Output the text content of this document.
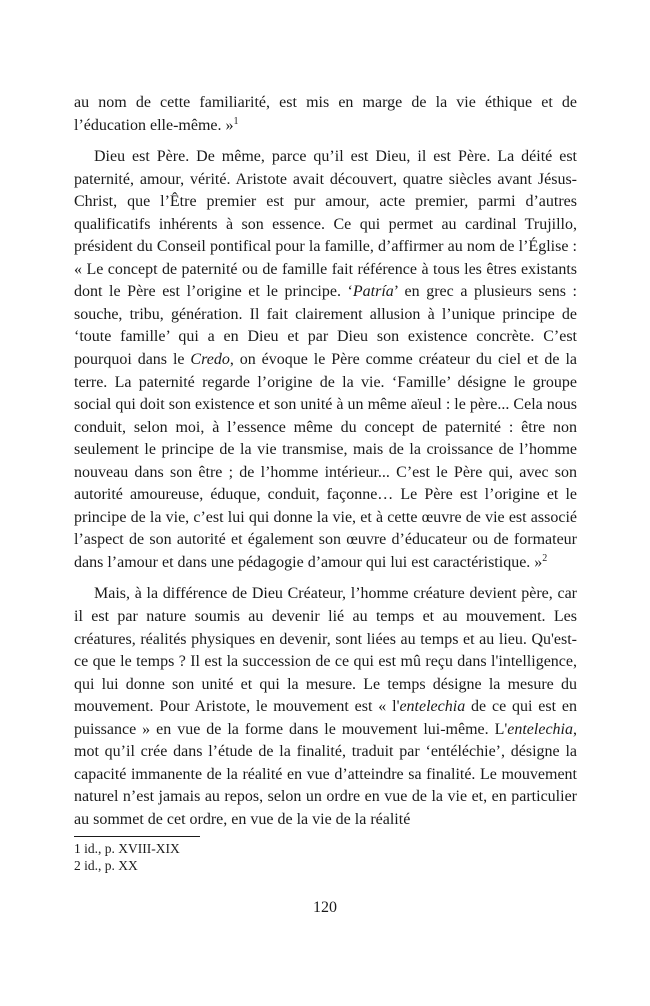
au nom de cette familiarité, est mis en marge de la vie éthique et de l’éducation elle-même. »$^1$

Dieu est Père. De même, parce qu’il est Dieu, il est Père. La déité est paternité, amour, vérité. Aristote avait découvert, quatre siècles avant Jésus-Christ, que l’Être premier est pur amour, acte premier, parmi d’autres qualificatifs inhérents à son essence. Ce qui permet au cardinal Trujillo, président du Conseil pontifical pour la famille, d’affirmer au nom de l’Église : « Le concept de paternité ou de famille fait référence à tous les êtres existants dont le Père est l’origine et le principe. ‘Patría’ en grec a plusieurs sens : souche, tribu, génération. Il fait clairement allusion à l’unique principe de ‘toute famille’ qui a en Dieu et par Dieu son existence concrète. C’est pourquoi dans le Credo, on évoque le Père comme créateur du ciel et de la terre. La paternité regarde l’origine de la vie. ‘Famille’ désigne le groupe social qui doit son existence et son unité à un même aïeul : le père... Cela nous conduit, selon moi, à l’essence même du concept de paternité : être non seulement le principe de la vie transmise, mais de la croissance de l’homme nouveau dans son être ; de l’homme intérieur... C’est le Père qui, avec son autorité amoureuse, éduque, conduit, façonne… Le Père est l’origine et le principe de la vie, c’est lui qui donne la vie, et à cette œuvre de vie est associé l’aspect de son autorité et également son œuvre d’éducateur ou de formateur dans l’amour et dans une pédagogie d’amour qui lui est caractéristique. »$^2$

Mais, à la différence de Dieu Créateur, l’homme créature devient père, car il est par nature soumis au devenir lié au temps et au mouvement. Les créatures, réalités physiques en devenir, sont liées au temps et au lieu. Qu'est-ce que le temps ? Il est la succession de ce qui est mû reçu dans l'intelligence, qui lui donne son unité et qui la mesure. Le temps désigne la mesure du mouvement. Pour Aristote, le mouvement est « l'entelechia de ce qui est en puissance » en vue de la forme dans le mouvement lui-même. L'entelechia, mot qu’il crée dans l’étude de la finalité, traduit par ‘entéléchie’, désigne la capacité immanente de la réalité en vue d’atteindre sa finalité. Le mouvement naturel n’est jamais au repos, selon un ordre en vue de la vie et, en particulier au sommet de cet ordre, en vue de la vie de la réalité

1 id., p. XVIII-XIX
2 id., p. XX
120
